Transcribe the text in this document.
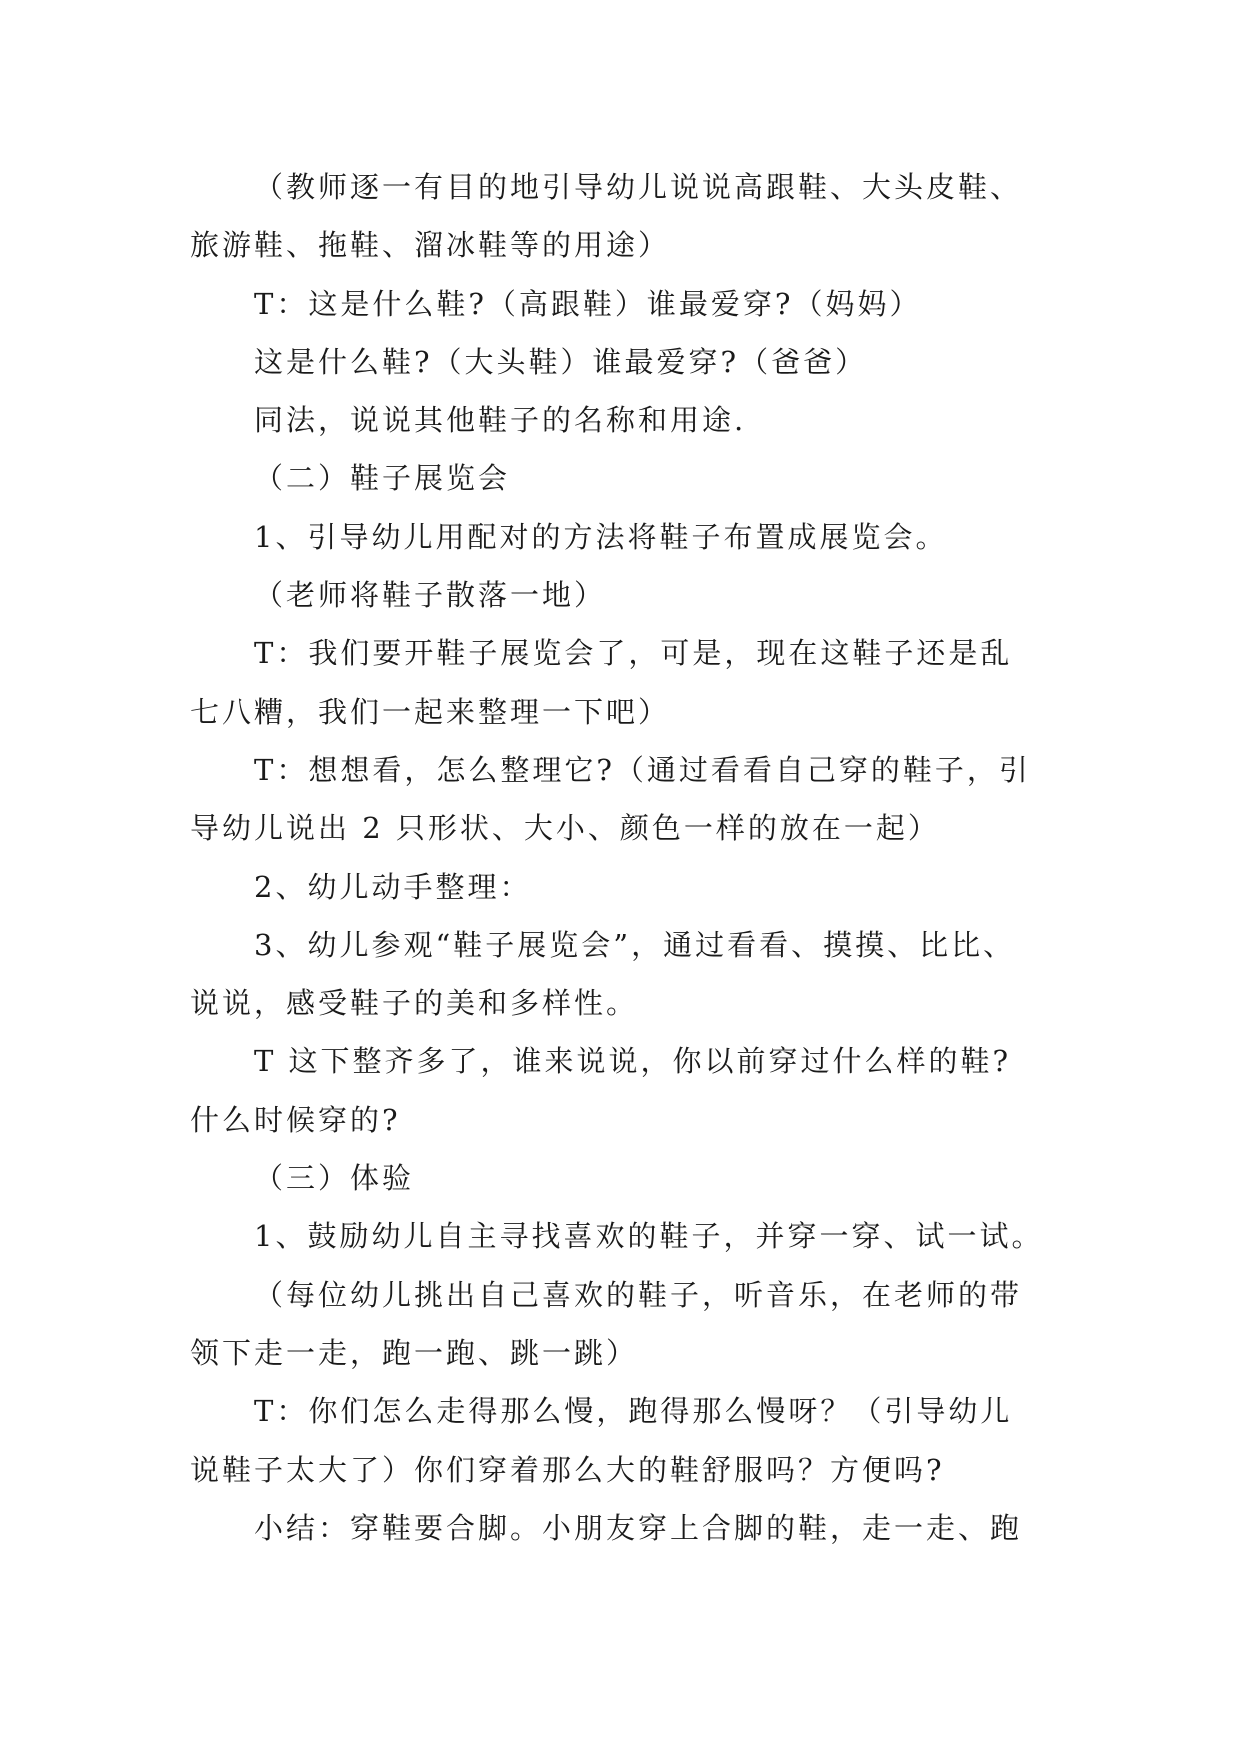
（教师逐一有目的地引导幼儿说说高跟鞋、大头皮鞋、
旅游鞋、拖鞋、溜冰鞋等的用途）
T：这是什么鞋?（高跟鞋）谁最爱穿?（妈妈）
这是什么鞋?（大头鞋）谁最爱穿?（爸爸）
同法，说说其他鞋子的名称和用途.
（二）鞋子展览会
1、引导幼儿用配对的方法将鞋子布置成展览会。
（老师将鞋子散落一地）
T：我们要开鞋子展览会了，可是，现在这鞋子还是乱
七八糟，我们一起来整理一下吧）
T：想想看，怎么整理它?（通过看看自己穿的鞋子，引
导幼儿说出 2 只形状、大小、颜色一样的放在一起）
2、幼儿动手整理：
3、幼儿参观“鞋子展览会”，通过看看、摸摸、比比、
说说，感受鞋子的美和多样性。
T 这下整齐多了，谁来说说，你以前穿过什么样的鞋?
什么时候穿的?
（三）体验
1、鼓励幼儿自主寻找喜欢的鞋子，并穿一穿、试一试。
（每位幼儿挑出自己喜欢的鞋子，听音乐，在老师的带
领下走一走，跑一跑、跳一跳）
T：你们怎么走得那么慢，跑得那么慢呀？（引导幼儿
说鞋子太大了）你们穿着那么大的鞋舒服吗？方便吗?
小结：穿鞋要合脚。小朋友穿上合脚的鞋，走一走、跑
